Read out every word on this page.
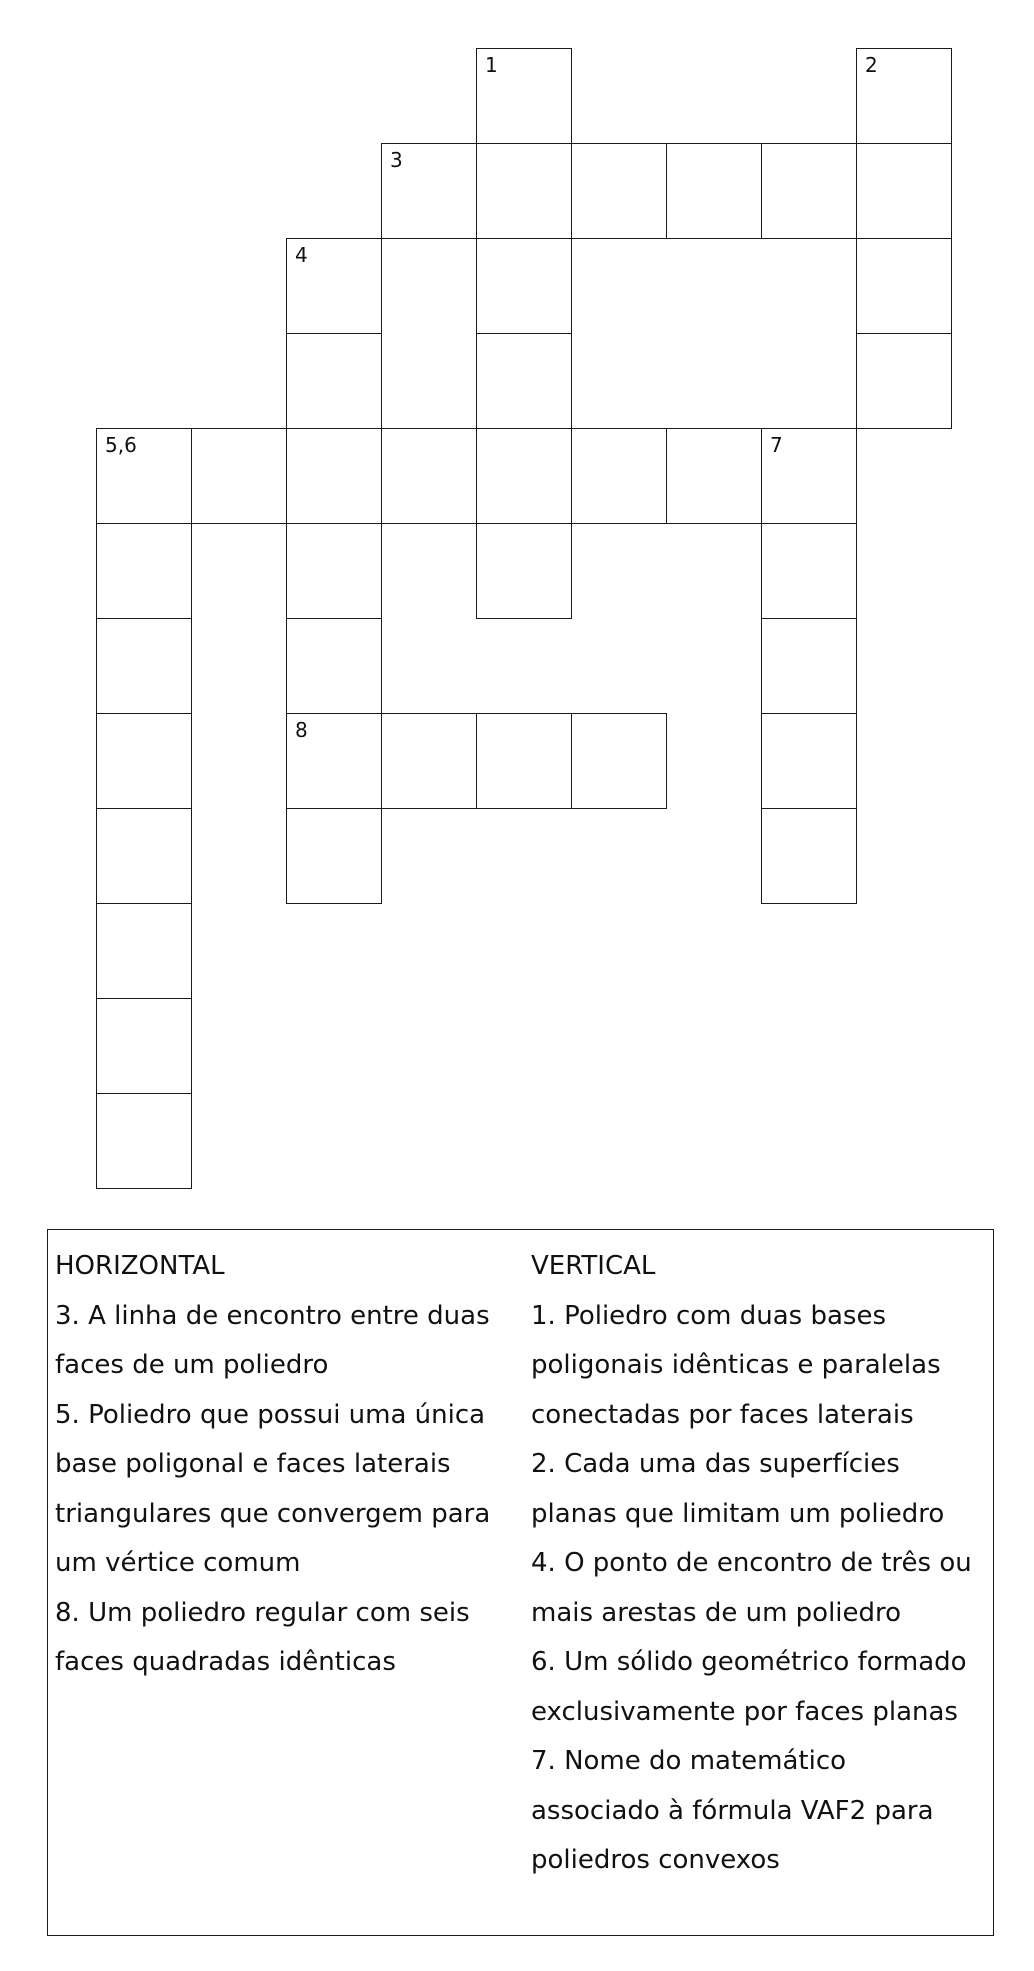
1	2
3
4
5,6	7
8
HORIZONTAL
3. A linha de encontro entre duas
faces de um poliedro
5. Poliedro que possui uma única
base poligonal e faces laterais
triangulares que convergem para
um vértice comum
8. Um poliedro regular com seis
faces quadradas idênticas
VERTICAL
1. Poliedro com duas bases
poligonais idênticas e paralelas
conectadas por faces laterais
2. Cada uma das superfícies
planas que limitam um poliedro
4. O ponto de encontro de três ou
mais arestas de um poliedro
6. Um sólido geométrico formado
exclusivamente por faces planas
7. Nome do matemático
associado à fórmula VAF2 para
poliedros convexos
